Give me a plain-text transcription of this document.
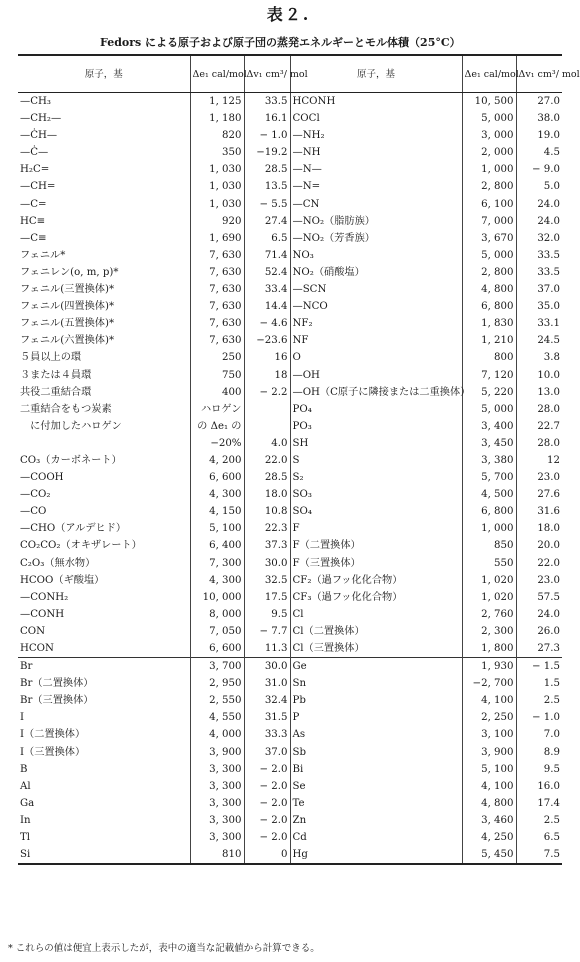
表２.
Fedors による原子および原子団の蒸発エネルギーとモル体積（25°C）
原子，基	Δe₁ cal/mol	Δv₁ cm³/ mol	原子，基	Δe₁ cal/mol	Δv₁ cm³/ mol
—CH₃	1, 125	33.5	HCONH	10, 500	27.0
—CH₂—	1, 180	16.1	COCl	5, 000	38.0
—ĊH—	820	− 1.0	—NH₂	3, 000	19.0
—Ċ—	350	−19.2	—NH	2, 000	4.5
H₂C=	1, 030	28.5	—N—	1, 000	− 9.0
—CH=	1, 030	13.5	—N=	2, 800	5.0
—C=	1, 030	− 5.5	—CN	6, 100	24.0
HC≡	920	27.4	—NO₂（脂肪族）	7, 000	24.0
—C≡	1, 690	6.5	—NO₂（芳香族）	3, 670	32.0
フェニル*	7, 630	71.4	NO₃	5, 000	33.5
フェニレン(o, m, p)*	7, 630	52.4	NO₂（硝酸塩）	2, 800	33.5
フェニル(三置換体)*	7, 630	33.4	—SCN	4, 800	37.0
フェニル(四置換体)*	7, 630	14.4	—NCO	6, 800	35.0
フェニル(五置換体)*	7, 630	− 4.6	NF₂	1, 830	33.1
フェニル(六置換体)*	7, 630	−23.6	NF	1, 210	24.5
５員以上の環	250	16	O	800	3.8
３または４員環	750	18	—OH	7, 120	10.0
共役二重結合環	400	− 2.2	—OH（C原子に隣接または二重換体）	5, 220	13.0
二重結合をもつ炭素	ハロゲン		PO₄	5, 000	28.0
　に付加したハロゲン	の Δe₁ の		PO₃	3, 400	22.7
	−20%	4.0	SH	3, 450	28.0
CO₃（カーボネート）	4, 200	22.0	S	3, 380	12
—COOH	6, 600	28.5	S₂	5, 700	23.0
—CO₂	4, 300	18.0	SO₃	4, 500	27.6
—CO	4, 150	10.8	SO₄	6, 800	31.6
—CHO（アルデヒド）	5, 100	22.3	F	1, 000	18.0
CO₂CO₂（オキザレート）	6, 400	37.3	F（二置換体）	850	20.0
C₂O₃（無水物）	7, 300	30.0	F（三置換体）	550	22.0
HCOO（ギ酸塩）	4, 300	32.5	CF₂（過フッ化化合物）	1, 020	23.0
—CONH₂	10, 000	17.5	CF₃（過フッ化化合物）	1, 020	57.5
—CONH	8, 000	9.5	Cl	2, 760	24.0
CON	7, 050	− 7.7	Cl（二置換体）	2, 300	26.0
HCON	6, 600	11.3	Cl（三置換体）	1, 800	27.3
Br	3, 700	30.0	Ge	1, 930	− 1.5
Br（二置換体）	2, 950	31.0	Sn	−2, 700	1.5
Br（三置換体）	2, 550	32.4	Pb	4, 100	2.5
I	4, 550	31.5	P	2, 250	− 1.0
I（二置換体）	4, 000	33.3	As	3, 100	7.0
I（三置換体）	3, 900	37.0	Sb	3, 900	8.9
B	3, 300	− 2.0	Bi	5, 100	9.5
Al	3, 300	− 2.0	Se	4, 100	16.0
Ga	3, 300	− 2.0	Te	4, 800	17.4
In	3, 300	− 2.0	Zn	3, 460	2.5
Tl	3, 300	− 2.0	Cd	4, 250	6.5
Si	810	0	Hg	5, 450	7.5
* これらの値は便宜上表示したが，表中の適当な記載値から計算できる。
